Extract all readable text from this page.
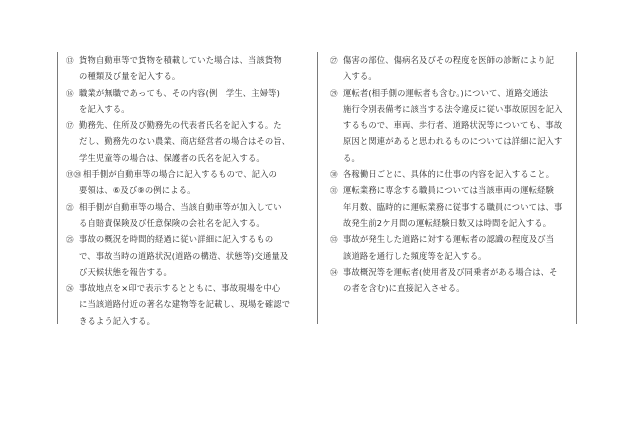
⑬ 貨物自動車等で貨物を積載していた場合は、当該貨物
の種類及び量を記入する。
⑯ 職業が無職であっても、その内容(例　学生、主婦等)
を記入する。
⑰ 勤務先、住所及び勤務先の代表者氏名を記入する。た
だし、勤務先のない農業、商店経営者の場合はその旨、
学生児童等の場合は、保護者の氏名を記入する。
⑲⑳ 相手側が自動車等の場合に記入するもので、記入の
要領は、⑥及び⑨の例による。
㉑ 相手側が自動車等の場合、当該自動車等が加入してい
る自賠責保険及び任意保険の会社名を記入する。
㉕ 事故の概況を時間的経過に従い詳細に記入するもの
で、事故当時の道路状況(道路の構造、状態等)交通量及
び天候状態を報告する。
㉖ 事故地点を×印で表示するとともに、事故現場を中心
に当該道路付近の著名な建物等を記載し、現場を確認で
きるよう記入する。
㉗ 傷害の部位、傷病名及びその程度を医師の診断により記
入する。
㉙ 運転者(相手側の運転者も含む。)について、道路交通法
施行令別表備考に該当する法令違反に従い事故原因を記入
するもので、車両、歩行者、道路状況等についても、事故
原因と関連があると思われるものについては詳細に記入す
る。
㉚ 各稼働日ごとに、具体的に仕事の内容を記入すること。
㉛ 運転業務に専念する職員については当該車両の運転経験
年月数、臨時的に運転業務に従事する職員については、事
故発生前2ケ月間の運転経験日数又は時間を記入する。
㉝ 事故が発生した道路に対する運転者の認識の程度及び当
該道路を通行した頻度等を記入する。
㉞ 事故概況等を運転者(使用者及び同乗者がある場合は、そ
の者を含む)に直接記入させる。
